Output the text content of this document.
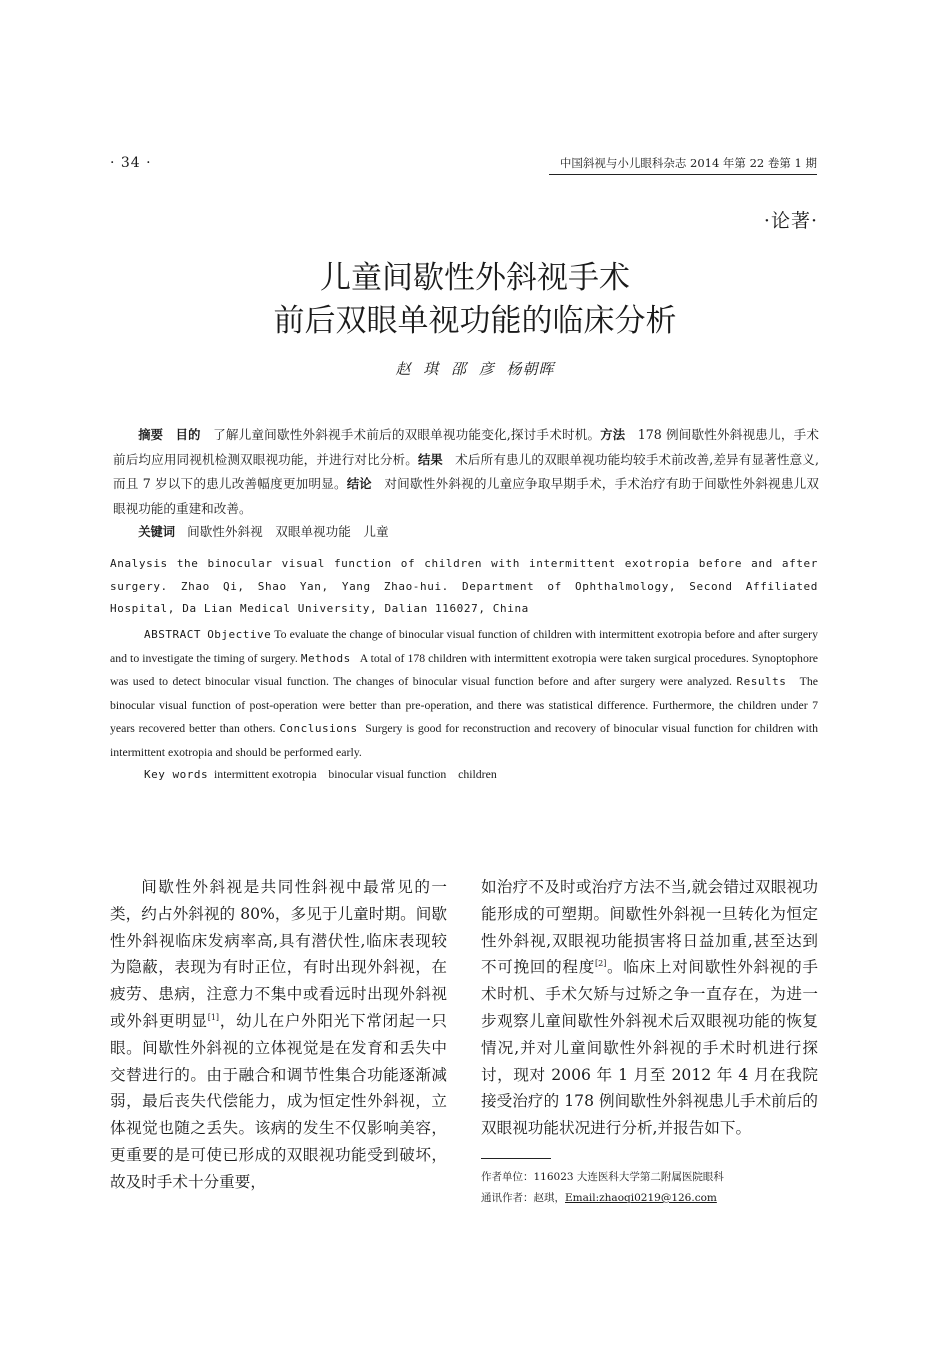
· 34 ·	中国斜视与小儿眼科杂志 2014 年第 22 卷第 1 期
·论著·
儿童间歇性外斜视手术
前后双眼单视功能的临床分析
赵 琪 邵 彦 杨朝晖

摘要 目的 了解儿童间歇性外斜视手术前后的双眼单视功能变化,探讨手术时机。方法 178 例间歇性外斜视患儿，手术前后均应用同视机检测双眼视功能，并进行对比分析。结果 术后所有患儿的双眼单视功能均较手术前改善,差异有显著性意义,而且 7 岁以下的患儿改善幅度更加明显。结论 对间歇性外斜视的儿童应争取早期手术，手术治疗有助于间歇性外斜视患儿双眼视功能的重建和改善。

关键词 间歇性外斜视　双眼单视功能　儿童

Analysis the binocular visual function of children with intermittent exotropia before and after surgery. Zhao Qi, Shao Yan, Yang Zhao-hui. Department of Ophthalmology, Second Affiliated Hospital, Da Lian Medical University, Dalian 116027, China

ABSTRACT Objective To evaluate the change of binocular visual function of children with intermittent exotropia before and after surgery and to investigate the timing of surgery. Methods A total of 178 children with intermittent exotropia were taken surgical procedures. Synoptophore was used to detect binocular visual function. The changes of binocular visual function before and after surgery were analyzed. Results The binocular visual function of post-operation were better than pre-operation, and there was statistical difference. Furthermore, the children under 7 years recovered better than others. Conclusions Surgery is good for reconstruction and recovery of binocular visual function for children with intermittent exotropia and should be performed early.

Key words intermittent exotropia　binocular visual function　children

间歇性外斜视是共同性斜视中最常见的一类，约占外斜视的 80%，多见于儿童时期。间歇性外斜视临床发病率高,具有潜伏性,临床表现较为隐蔽，表现为有时正位，有时出现外斜视，在疲劳、患病，注意力不集中或看远时出现外斜视或外斜更明显[1]，幼儿在户外阳光下常闭起一只眼。间歇性外斜视的立体视觉是在发育和丢失中交替进行的。由于融合和调节性集合功能逐渐减弱，最后丧失代偿能力，成为恒定性外斜视，立体视觉也随之丢失。该病的发生不仅影响美容，更重要的是可使已形成的双眼视功能受到破坏，故及时手术十分重要，
如治疗不及时或治疗方法不当,就会错过双眼视功能形成的可塑期。间歇性外斜视一旦转化为恒定性外斜视,双眼视功能损害将日益加重,甚至达到不可挽回的程度[2]。临床上对间歇性外斜视的手术时机、手术欠矫与过矫之争一直存在，为进一步观察儿童间歇性外斜视术后双眼视功能的恢复情况,并对儿童间歇性外斜视的手术时机进行探讨，现对 2006 年 1 月至 2012 年 4 月在我院接受治疗的 178 例间歇性外斜视患儿手术前后的双眼视功能状况进行分析,并报告如下。
作者单位：116023 大连医科大学第二附属医院眼科
通讯作者：赵琪，Email:zhaoqi0219@126.com
